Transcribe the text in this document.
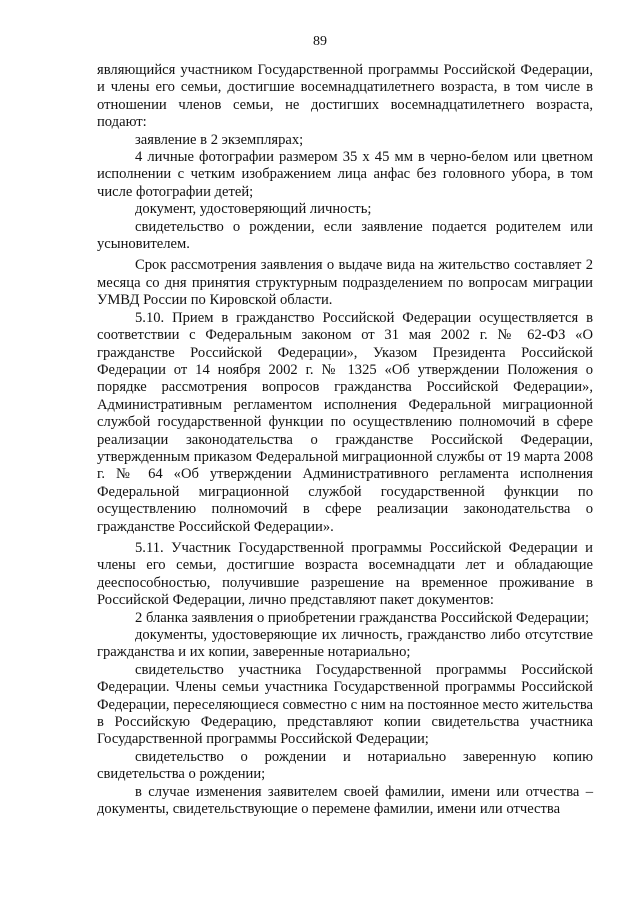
89

являющийся участником Государственной программы Российской Федерации, и члены его семьи, достигшие восемнадцатилетнего возраста, в том числе в отношении членов семьи, не достигших восемнадцатилетнего возраста, подают:

заявление в 2 экземплярах;

4 личные фотографии размером 35 х 45 мм в черно-белом или цветном исполнении с четким изображением лица анфас без головного убора, в том числе фотографии детей;

документ, удостоверяющий личность;

свидетельство о рождении, если заявление подается родителем или усыновителем.

Срок рассмотрения заявления о выдаче вида на жительство составляет 2 месяца со дня принятия структурным подразделением по вопросам миграции УМВД России по Кировской области.

5.10. Прием в гражданство Российской Федерации осуществляется в соответствии с Федеральным законом от 31 мая 2002 г. № 62-ФЗ «О гражданстве Российской Федерации», Указом Президента Российской Федерации от 14 ноября 2002 г. № 1325 «Об утверждении Положения о порядке рассмотрения вопросов гражданства Российской Федерации», Административным регламентом исполнения Федеральной миграционной службой государственной функции по осуществлению полномочий в сфере реализации законодательства о гражданстве Российской Федерации, утвержденным приказом Федеральной миграционной службы от 19 марта 2008 г. № 64 «Об утверждении Административного регламента исполнения Федеральной миграционной службой государственной функции по осуществлению полномочий в сфере реализации законодательства о гражданстве Российской Федерации».

5.11. Участник Государственной программы Российской Федерации и члены его семьи, достигшие возраста восемнадцати лет и обладающие дееспособностью, получившие разрешение на временное проживание в Российской Федерации, лично представляют пакет документов:

2 бланка заявления о приобретении гражданства Российской Федерации;

документы, удостоверяющие их личность, гражданство либо отсутствие гражданства и их копии, заверенные нотариально;

свидетельство участника Государственной программы Российской Федерации. Члены семьи участника Государственной программы Российской Федерации, переселяющиеся совместно с ним на постоянное место жительства в Российскую Федерацию, представляют копии свидетельства участника Государственной программы Российской Федерации;

свидетельство о рождении и нотариально заверенную копию свидетельства о рождении;

в случае изменения заявителем своей фамилии, имени или отчества – документы, свидетельствующие о перемене фамилии, имени или отчества
